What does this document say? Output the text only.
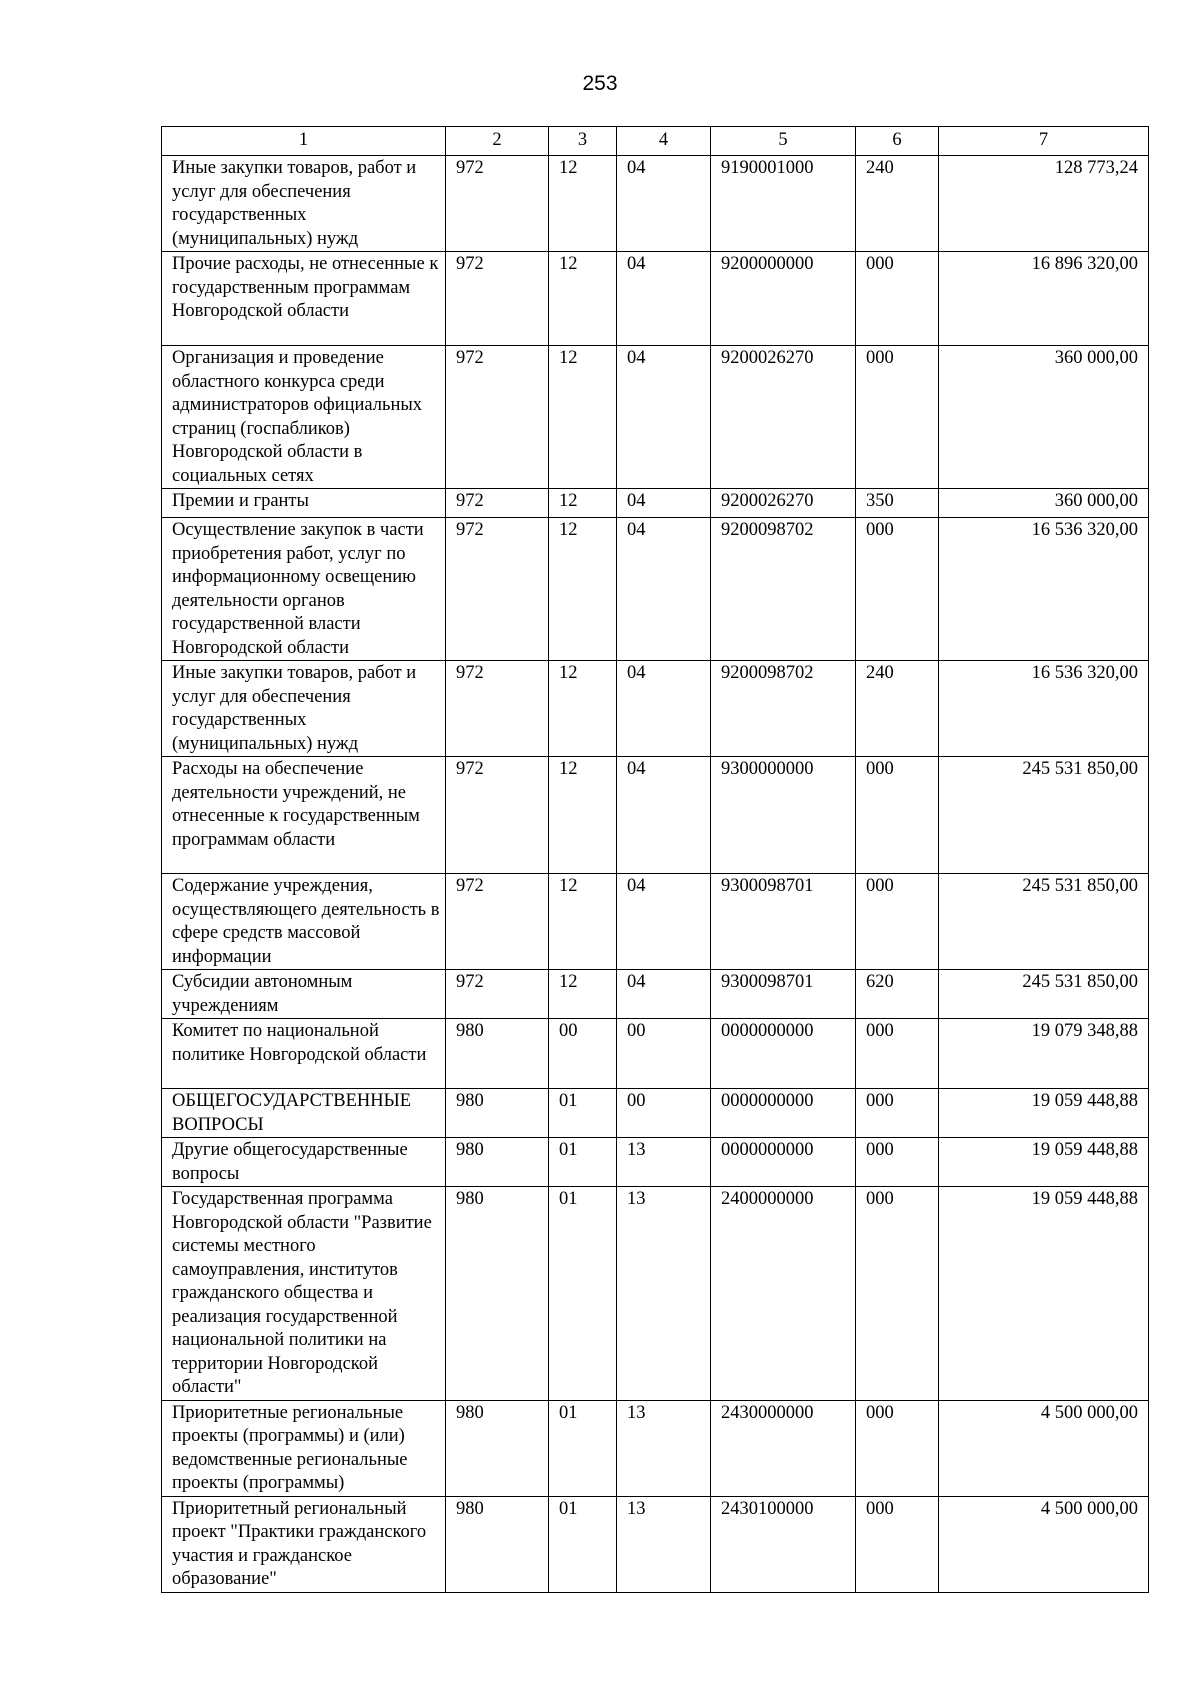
253
1	2	3	4	5	6	7
Иные закупки товаров, работ и услуг для обеспечения государственных (муниципальных) нужд	972	12	04	9190001000	240	128 773,24
Прочие расходы, не отнесенные к государственным программам Новгородской области	972	12	04	9200000000	000	16 896 320,00
Организация и проведение областного конкурса среди администраторов официальных страниц (госпабликов) Новгородской области в социальных сетях	972	12	04	9200026270	000	360 000,00
Премии и гранты	972	12	04	9200026270	350	360 000,00
Осуществление закупок в части приобретения работ, услуг по информационному освещению деятельности органов государственной власти Новгородской области	972	12	04	9200098702	000	16 536 320,00
Иные закупки товаров, работ и услуг для обеспечения государственных (муниципальных) нужд	972	12	04	9200098702	240	16 536 320,00
Расходы на обеспечение деятельности учреждений, не отнесенные к государственным программам области	972	12	04	9300000000	000	245 531 850,00
Содержание учреждения, осуществляющего деятельность в сфере средств массовой информации	972	12	04	9300098701	000	245 531 850,00
Субсидии автономным учреждениям	972	12	04	9300098701	620	245 531 850,00
Комитет по национальной политике Новгородской области	980	00	00	0000000000	000	19 079 348,88
ОБЩЕГОСУДАРСТВЕННЫЕ ВОПРОСЫ	980	01	00	0000000000	000	19 059 448,88
Другие общегосударственные вопросы	980	01	13	0000000000	000	19 059 448,88
Государственная программа Новгородской области "Развитие системы местного самоуправления, институтов гражданского общества и реализация государственной национальной политики на территории Новгородской области"	980	01	13	2400000000	000	19 059 448,88
Приоритетные региональные проекты (программы) и (или) ведомственные региональные проекты (программы)	980	01	13	2430000000	000	4 500 000,00
Приоритетный региональный проект "Практики гражданского участия и гражданское образование"	980	01	13	2430100000	000	4 500 000,00
